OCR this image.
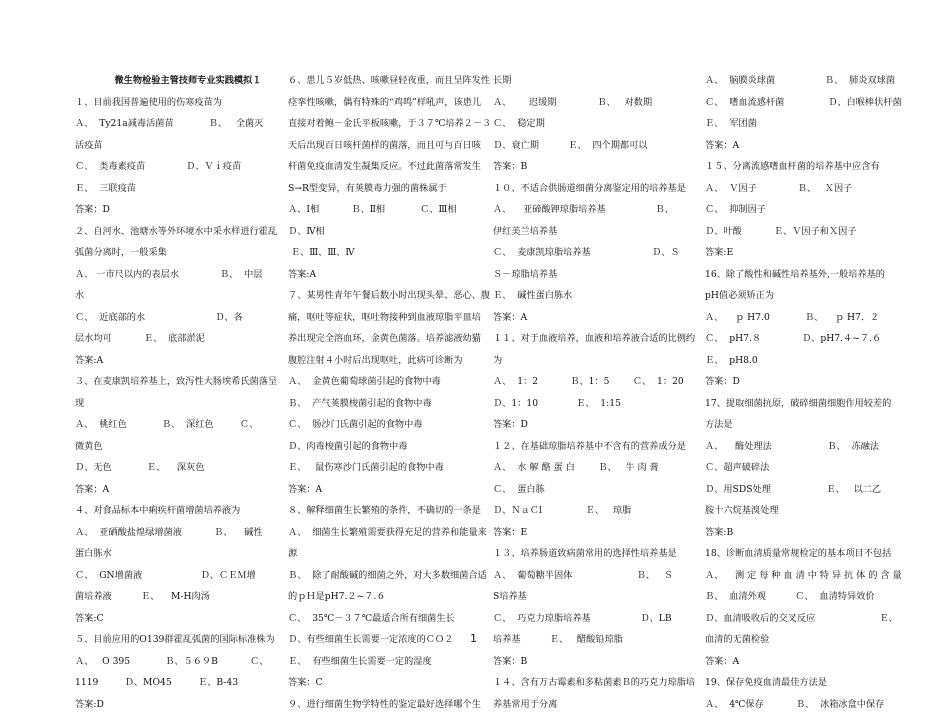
微生物检验主管技师专业实践模拟１
１、目前我国普遍使用的伤寒疫苗为
Ａ、  Ty21a减毒活菌苗            Ｂ、   全菌灭
活疫苗
Ｃ、  类毒素疫苗              Ｄ、Ｖｉ疫苗
Ｅ、  三联疫苗
答案：D
２、自河水、池塘水等外环境水中采水样进行霍乱
弧菌分离时，一般采集
Ａ、 一市尺以内的表层水              Ｂ、  中层
水
Ｃ、  近底部的水                        Ｄ、各
层水均可           Ｅ、  底部淤泥
答案:A
３、在麦康凯培养基上，致泻性大肠埃希氏菌落呈
现
Ａ、  桃红色            Ｂ、  深红色         Ｃ、
微黄色
Ｄ、无色            Ｅ、    深灰色
答案：A
４、对食品标本中痢疾杆菌增菌培养液为
Ａ、  亚硒酸盐煌绿增菌液           Ｂ、    碱性
蛋白胨水
Ｃ、  GN增菌液                    Ｄ、ＣＥＭ增
菌培养液          Ｅ、    M-H肉汤
答案:C
５、目前应用的O139群霍乱弧菌的国际标准株为
Ａ、   O 395            Ｂ、５６９B           Ｃ、
1119         Ｄ、MO45         Ｅ、B-43
答案:D
６、患儿５岁低热、咳嗽昼轻夜重，而且呈阵发性
痉挛性咳嗽，偶有特殊的“鸡鸣”样吼声，该患儿
直接对着鲍－金氏平板咳嗽，于３７℃培养２－３
天后出现百日咳杆菌样的菌落，而且可与百日咳
杆菌免疫血清发生凝集反应。不过此菌落常发生
S→R型变异，有荚膜毒力强的菌株属于
Ａ、Ⅰ相           Ｂ、Ⅱ相            Ｃ、Ⅲ相
Ｄ、Ⅳ相
Ｅ、Ⅲ、Ⅲ、Ⅳ
答案:A
７、某男性青年午餐后数小时出现头晕、恶心、腹
痛，呕吐等症状，呕吐物接种到血液琼脂平皿培
养出现完全溶血环，金黄色菌落。培养滤液幼猫
腹腔注射４小时后出现呕吐，此病可诊断为
Ａ、  金黄色葡萄球菌引起的食物中毒
Ｂ、  产气荚膜梭菌引起的食物中毒
Ｃ、  肠沙门氏菌引起的食物中毒
Ｄ、肉毒梭菌引起的食物中毒
Ｅ、   鼠伤寒沙门氏菌引起的食物中毒
答案：A
８、解释细菌生长繁殖的条件，不确切的一条是
Ａ、  细菌生长繁殖需要获得充足的营养和能量来
源
Ｂ、  除了耐酸碱的细菌之外，对大多数细菌合适
的ｐＨ是pH7.２~７.６
Ｃ、  35℃－３７℃最适合所有细菌生长
Ｄ、有些细菌生长需要一定浓度的ＣＯ２
Ｅ、  有些细菌生长需要一定的湿度
答案：C
９、进行细菌生物学特性的鉴定最好选择哪个生
长期
Ａ、      迟缓期              Ｂ、   对数期
Ｃ、  稳定期
Ｄ、衰亡期          Ｅ、  四个期都可以
答案：B
１０、不适合供肠道细菌分离鉴定用的培养基是
Ａ、    亚碲酸钾琼脂培养基                 Ｂ、
伊红美兰培养基
Ｃ、  麦康凯琼脂培养基                     Ｄ、Ｓ
Ｓ－琼脂培养基
Ｅ、  碱性蛋白胨水
答案：A
１１、对于血液培养，血液和培养液合适的比例约
为
Ａ、  1：2           Ｂ、1：5        Ｃ、  1：20
Ｄ、1：10             Ｅ、  1:15
答案：D
１２、在基础琼脂培养基中不含有的营养成分是
Ａ、  水 解 酪 蛋 白        Ｂ、   牛 肉 膏
Ｃ、  蛋白胨
Ｄ、ＮａＣl               Ｅ、   琼脂
答案：E
１３、培养肠道致病菌常用的选择性培养基是
Ａ、  葡萄糖半固体                      Ｂ、   Ｓ
S培养基
Ｃ、  巧克力琼脂培养基                 Ｄ、LB
培养基          Ｅ、   醋酸铅琼脂
答案：B
１４、含有万古霉素和多粘菌素Ｂ的巧克力琼脂培
养基常用于分离
Ａ、  脑膜炎球菌                 Ｂ、  肺炎双球菌
Ｃ、  嗜血流感杆菌               Ｄ、白喉棒状杆菌
Ｅ、  军团菌
答案：A
１５、分离流感嗜血杆菌的培养基中应含有
Ａ、  Ｖ因子              Ｂ、   Ｘ因子
Ｃ、  抑制因子
Ｄ、叶酸           Ｅ、Ｖ因子和Ｘ因子
答案:E
16、除了酸性和碱性培养基外,一般培养基的
pH值必须矫正为
Ａ、    ｐ H7.0            Ｂ、    ｐ H7．２
Ｃ、  pH7.８              Ｄ、pH7.４~７.６
Ｅ、  pH8.0
答案：D
17、提取细菌抗原，破碎细菌细胞作用较差的
方法是
Ａ、    酶处理法                   Ｂ、  冻融法
Ｃ、超声破碎法
Ｄ、用SDS处理                   Ｅ、   以二乙
胺十六烷基溴处理
答案:B
18、诊断血清质量常规检定的基本项目不包括
Ａ、    测 定 每 种 血 清 中 特 异 抗 体 的 含 量
Ｂ、  血清外观          Ｃ、  血清特异效价
Ｄ、血清吸收后的交叉反应                      Ｅ、
血清的无菌检验
答案：A
19、保存免疫血清最佳方法是
Ａ、  4℃保存           Ｂ、  冰箱冰盒中保存
1
